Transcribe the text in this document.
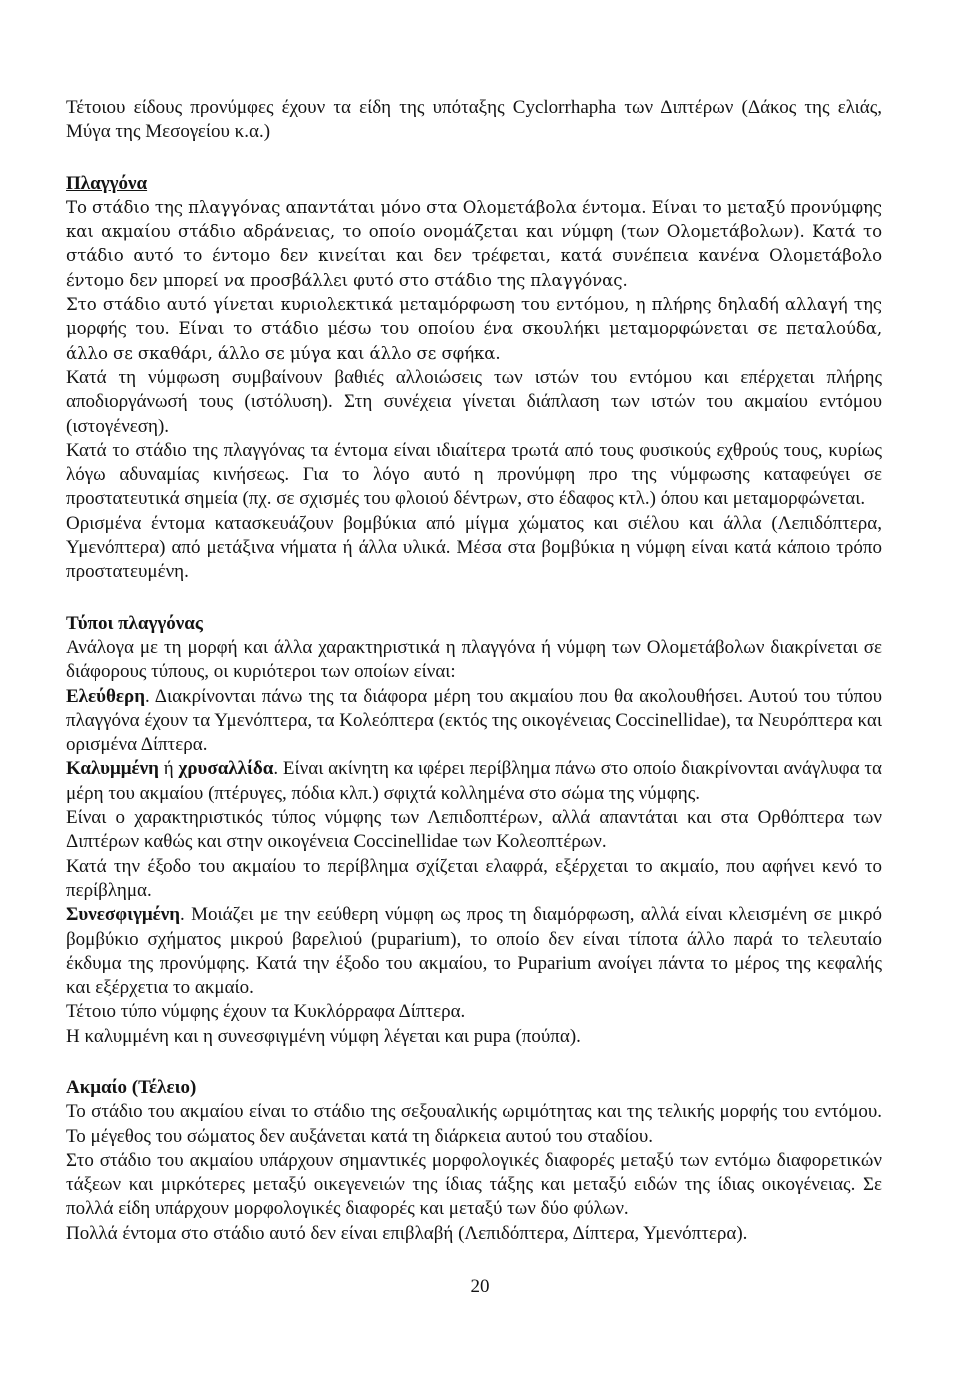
Τέτοιου είδους προνύμφες έχουν τα είδη της υπόταξης Cyclorrhapha των Διπτέρων (Δάκος της ελιάς, Μύγα της Μεσογείου κ.α.)

Πλαγγόνα

Το στάδιο της πλαγγόνας απαντάται μόνο στα Ολομετάβολα έντομα. Είναι το μεταξύ προνύμφης και ακμαίου στάδιο αδράνειας, το οποίο ονομάζεται και νύμφη (των Ολομετάβολων). Κατά το στάδιο αυτό το έντομο δεν κινείται και δεν τρέφεται, κατά συνέπεια κανένα Ολομετάβολο έντομο δεν μπορεί να προσβάλλει φυτό στο στάδιο της πλαγγόνας.

Στο στάδιο αυτό γίνεται κυριολεκτικά μεταμόρφωση του εντόμου, η πλήρης δηλαδή αλλαγή της μορφής του. Είναι το στάδιο μέσω του οποίου ένα σκουλήκι μεταμορφώνεται σε πεταλούδα, άλλο σε σκαθάρι, άλλο σε μύγα και άλλο σε σφήκα.

Κατά τη νύμφωση συμβαίνουν βαθιές αλλοιώσεις των ιστών του εντόμου και επέρχεται πλήρης αποδιοργάνωσή τους (ιστόλυση). Στη συνέχεια γίνεται διάπλαση των ιστών του ακμαίου εντόμου (ιστογένεση).

Κατά το στάδιο της πλαγγόνας τα έντομα είναι ιδιαίτερα τρωτά από τους φυσικούς εχθρούς τους, κυρίως λόγω αδυναμίας κινήσεως. Για το λόγο αυτό η προνύμφη προ της νύμφωσης καταφεύγει σε προστατευτικά σημεία (πχ. σε σχισμές του φλοιού δέντρων, στο έδαφος κτλ.) όπου και μεταμορφώνεται.

Ορισμένα έντομα κατασκευάζουν βομβύκια από μίγμα χώματος και σιέλου και άλλα (Λεπιδόπτερα, Υμενόπτερα) από μετάξινα νήματα ή άλλα υλικά. Μέσα στα βομβύκια η νύμφη είναι κατά κάποιο τρόπο προστατευμένη.

Τύποι πλαγγόνας

Ανάλογα με τη μορφή και άλλα χαρακτηριστικά η πλαγγόνα ή νύμφη των Ολομετάβολων διακρίνεται σε διάφορους τύπους, οι κυριότεροι των οποίων είναι:

Ελεύθερη. Διακρίνονται πάνω της τα διάφορα μέρη του ακμαίου που θα ακολουθήσει. Αυτού του τύπου πλαγγόνα έχουν τα Υμενόπτερα, τα Κολεόπτερα (εκτός της οικογένειας Coccinellidae), τα Νευρόπτερα και ορισμένα Δίπτερα.

Καλυμμένη ή χρυσαλλίδα. Είναι ακίνητη κα ιφέρει περίβλημα πάνω στο οποίο διακρίνονται ανάγλυφα τα μέρη του ακμαίου (πτέρυγες, πόδια κλπ.) σφιχτά κολλημένα στο σώμα της νύμφης.

Είναι ο χαρακτηριστικός τύπος νύμφης των Λεπιδοπτέρων, αλλά απαντάται και στα Ορθόπτερα των Διπτέρων καθώς και στην οικογένεια Coccinellidae των Κολεοπτέρων.

Κατά την έξοδο του ακμαίου το περίβλημα σχίζεται ελαφρά, εξέρχεται το ακμαίο, που αφήνει κενό το περίβλημα.

Συνεσφιγμένη. Μοιάζει με την εεύθερη νύμφη ως προς τη διαμόρφωση, αλλά είναι κλεισμένη σε μικρό βομβύκιο σχήματος μικρού βαρελιού (puparium), το οποίο δεν είναι τίποτα άλλο παρά το τελευταίο έκδυμα της προνύμφης. Κατά την έξοδο του ακμαίου, το Puparium ανοίγει πάντα το μέρος της κεφαλής και εξέρχετια το ακμαίο.

Τέτοιο τύπο νύμφης έχουν τα Κυκλόρραφα Δίπτερα.

Η καλυμμένη και η συνεσφιγμένη νύμφη λέγεται και pupa (πούπα).

Ακμαίο (Τέλειο)

Το στάδιο του ακμαίου είναι το στάδιο της σεξουαλικής ωριμότητας και της τελικής μορφής του εντόμου. Το μέγεθος του σώματος δεν αυξάνεται κατά τη διάρκεια αυτού του σταδίου.

Στο στάδιο του ακμαίου υπάρχουν σημαντικές μορφολογικές διαφορές μεταξύ των εντόμω διαφορετικών τάξεων και μιρκότερες μεταξύ οικεγενειών της ίδιας τάξης και μεταξύ ειδών της ίδιας οικογένειας. Σε πολλά είδη υπάρχουν μορφολογικές διαφορές και μεταξύ των δύο φύλων.

Πολλά έντομα στο στάδιο αυτό δεν είναι επιβλαβή (Λεπιδόπτερα, Δίπτερα, Υμενόπτερα).

20
